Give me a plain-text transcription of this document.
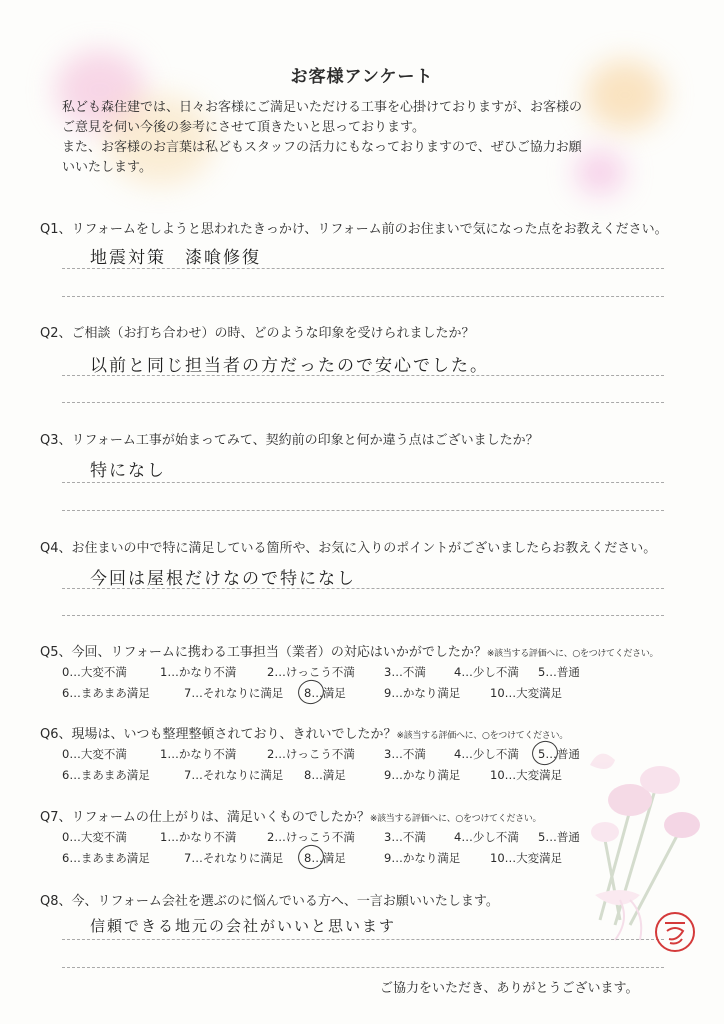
お客様アンケート

私ども森住建では、日々お客様にご満足いただける工事を心掛けておりますが、お客様の

ご意見を伺い今後の参考にさせて頂きたいと思っております。

また、お客様のお言葉は私どもスタッフの活力にもなっておりますので、ぜひご協力お願

いいたします。

Q1、リフォームをしようと思われたきっかけ、リフォーム前のお住まいで気になった点をお教えください。
地震対策　漆喰修復
Q2、ご相談（お打ち合わせ）の時、どのような印象を受けられましたか？
以前と同じ担当者の方だったので安心でした。
Q3、リフォーム工事が始まってみて、契約前の印象と何か違う点はございましたか？
特になし
Q4、お住まいの中で特に満足している箇所や、お気に入りのポイントがございましたらお教えください。
今回は屋根だけなので特になし
Q5、今回、リフォームに携わる工事担当（業者）の対応はいかがでしたか？※該当する評価へに、○をつけてください。
0…大変不満	1…かなり不満	2…けっこう不満	3…不満 4…少し不満 5…普通
6…まあまあ満足	7…それなりに満足 8…満足	9…かなり満足	10…大変満足
Q6、現場は、いつも整理整頓されており、きれいでしたか？※該当する評価へに、○をつけてください。
0…大変不満	1…かなり不満	2…けっこう不満	3…不満 4…少し不満 5…普通
6…まあまあ満足	7…それなりに満足 8…満足	9…かなり満足	10…大変満足
Q7、リフォームの仕上がりは、満足いくものでしたか？※該当する評価へに、○をつけてください。
0…大変不満	1…かなり不満	2…けっこう不満	3…不満 4…少し不満 5…普通
6…まあまあ満足	7…それなりに満足 8…満足	9…かなり満足	10…大変満足
Q8、今、リフォーム会社を選ぶのに悩んでいる方へ、一言お願いいたします。
信頼できる地元の会社がいいと思います
ご協力をいただき、ありがとうございます。
